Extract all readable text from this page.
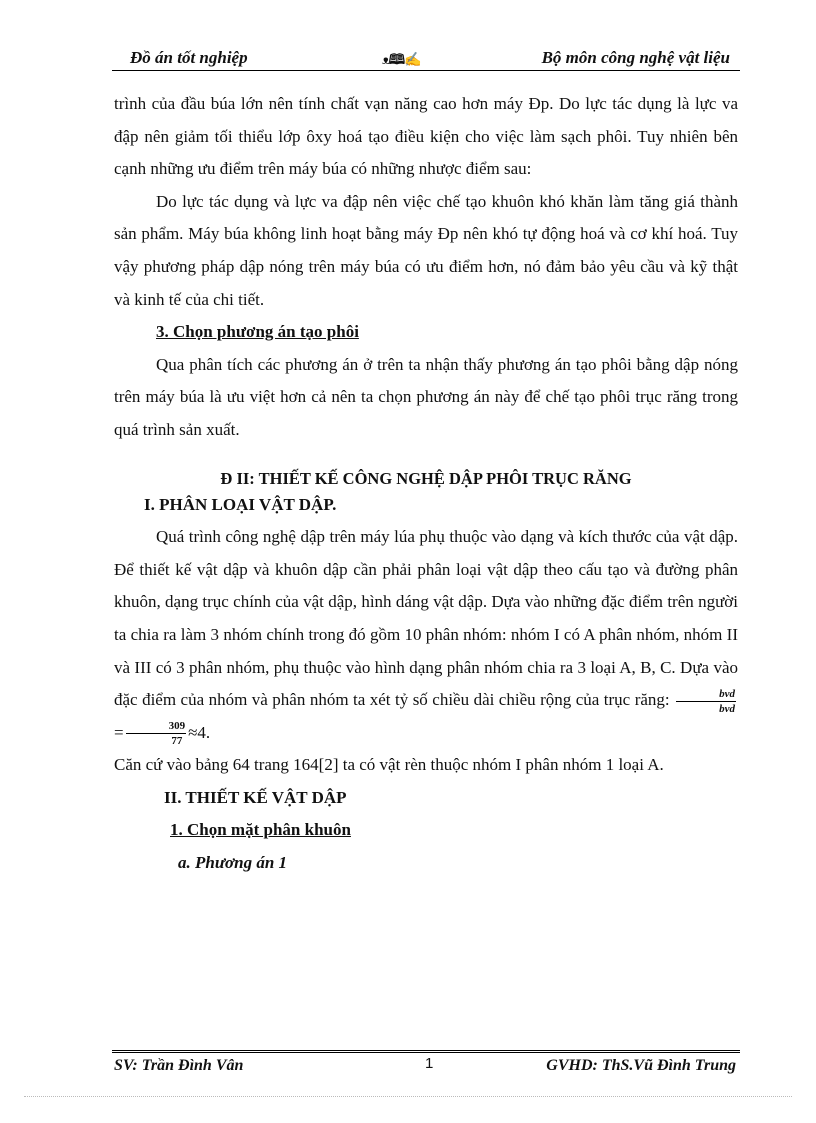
Đồ án tốt nghiệp	ᴥ🕮✍	Bộ môn công nghệ vật liệu

trình của đầu búa lớn nên tính chất vạn năng cao hơn máy Đp. Do lực tác dụng là lực va đập nên giảm tối thiểu lớp ôxy hoá tạo điều kiện cho việc làm sạch phôi. Tuy nhiên bên cạnh những ưu điểm trên máy búa có những nhược điểm sau:

Do lực tác dụng và lực va đập nên việc chế tạo khuôn khó khăn làm tăng giá thành sản phẩm. Máy búa không linh hoạt bằng máy Đp nên khó tự động hoá và cơ khí hoá. Tuy vậy phương pháp dập nóng trên máy búa có ưu điểm hơn, nó đảm bảo yêu cầu và kỹ thật và kinh tế của chi tiết.

3. Chọn phương án tạo phôi

Qua phân tích các phương án ở trên ta nhận thấy phương án tạo phôi bằng dập nóng trên máy búa là ưu việt hơn cả nên ta chọn phương án này để chế tạo phôi trục răng trong quá trình sản xuất.

Đ II: THIẾT KẾ CÔNG NGHỆ DẬP PHÔI TRỤC RĂNG
I. PHÂN LOẠI VẬT DẬP.

Quá trình công nghệ dập trên máy lúa phụ thuộc vào dạng và kích thước của vật dập. Để thiết kế vật dập và khuôn dập cần phải phân loại vật dập theo cấu tạo và đường phân khuôn, dạng trục chính của vật dập, hình dáng vật dập. Dựa vào những đặc điểm trên người ta chia ra làm 3 nhóm chính trong đó gồm 10 phân nhóm: nhóm I có A phân nhóm, nhóm II và III có 3 phân nhóm, phụ thuộc vào hình dạng phân nhóm chia ra 3 loại A, B, C. Dựa vào đặc điểm của nhóm và phân nhóm ta xét tỷ số chiều dài chiều rộng của trục răng: $\frac{\text{bvd}}{\text{bvd}}$
= $\frac{309}{77} \approx 4$.

Căn cứ vào bảng 64 trang 164[2] ta có vật rèn thuộc nhóm I phân nhóm 1 loại A.

II. THIẾT KẾ VẬT DẬP
1. Chọn mặt phân khuôn
a. Phương án 1
SV: Trần Đình Vân	1	GVHD: ThS.Vũ Đình Trung
